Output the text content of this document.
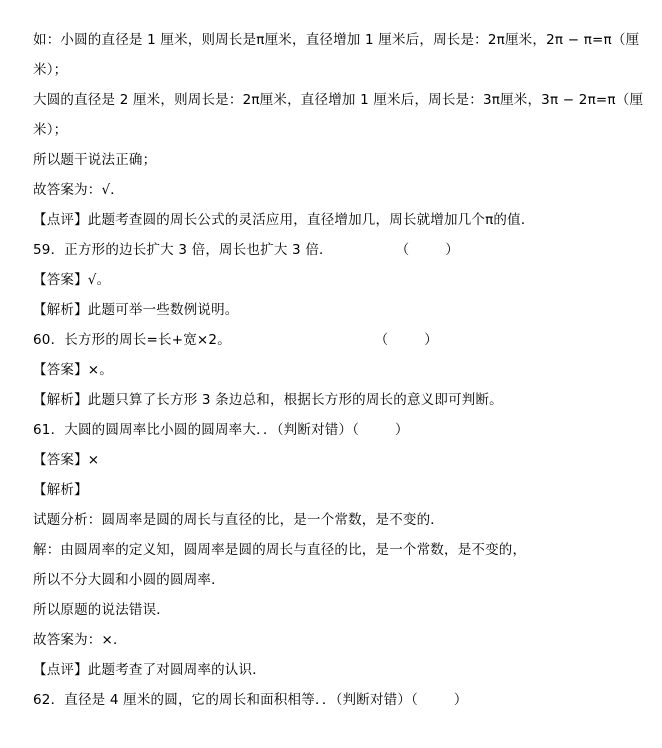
如：小圆的直径是 1 厘米，则周长是π厘米，直径增加 1 厘米后，周长是：2π厘米，2π − π=π（厘
米）；
大圆的直径是 2 厘米，则周长是：2π厘米，直径增加 1 厘米后，周长是：3π厘米，3π − 2π=π（厘
米）；
所以题干说法正确；
故答案为：√．
【点评】此题考查圆的周长公式的灵活应用，直径增加几，周长就增加几个π的值．
59．正方形的边长扩大 3 倍，周长也扩大 3 倍．              （        ）
【答案】√。
【解析】此题可举一些数例说明。
60．长方形的周长=长+宽×2。                                （        ）
【答案】×。
【解析】此题只算了长方形 3 条边总和，根据长方形的周长的意义即可判断。
61．大圆的圆周率比小圆的圆周率大．．（判断对错）（        ）
【答案】×
【解析】
试题分析：圆周率是圆的周长与直径的比，是一个常数，是不变的．
解：由圆周率的定义知，圆周率是圆的周长与直径的比，是一个常数，是不变的，
所以不分大圆和小圆的圆周率．
所以原题的说法错误．
故答案为：×．
【点评】此题考查了对圆周率的认识．
62．直径是 4 厘米的圆，它的周长和面积相等．．（判断对错）（        ）
